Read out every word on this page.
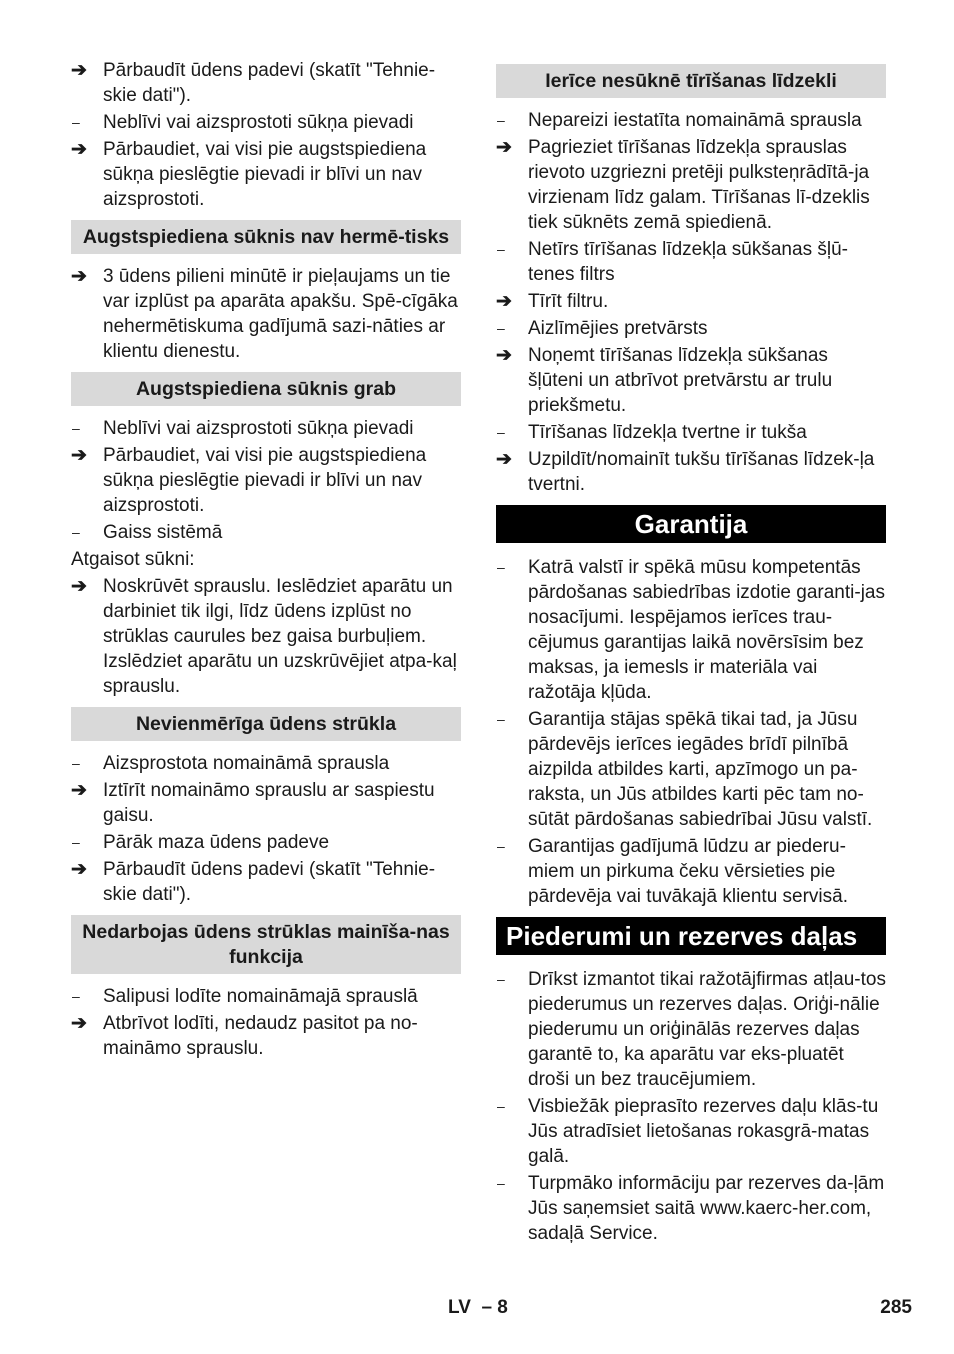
➔ Pārbaudīt ūdens padevi (skatīt "Tehnie-skie dati").
–	Neblīvi vai aizsprostoti sūkņa pievadi
➔ Pārbaudiet, vai visi pie augstspiediena sūkņa pieslēgtie pievadi ir blīvi un nav aizsprostoti.
Augstspiediena sūknis nav hermē-tisks
➔ 3 ūdens pilieni minūtē ir pieļaujams un tie var izplūst pa aparāta apakšu. Spē-cīgāka nehermētiskuma gadījumā sazi-nāties ar klientu dienestu.
Augstspiediena sūknis grab
–	Neblīvi vai aizsprostoti sūkņa pievadi
➔ Pārbaudiet, vai visi pie augstspiediena sūkņa pieslēgtie pievadi ir blīvi un nav aizsprostoti.
–	Gaiss sistēmā
Atgaisot sūkni:
➔ Noskrūvēt sprauslu. Ieslēdziet aparātu un darbiniet tik ilgi, līdz ūdens izplūst no strūklas caurules bez gaisa burbuļiem. Izslēdziet aparātu un uzskrūvējiet atpa-kaļ sprauslu.
Nevienmērīga ūdens strūkla
–	Aizsprostota nomaināmā sprausla
➔ Iztīrīt nomaināmo sprauslu ar saspiestu gaisu.
–	Pārāk maza ūdens padeve
➔ Pārbaudīt ūdens padevi (skatīt "Tehnie-skie dati").
Nedarbojas ūdens strūklas mainīša-nas funkcija
–	Salipusi lodīte nomaināmajā sprauslā
➔ Atbrīvot lodīti, nedaudz pasitot pa no-maināmo sprauslu.
Ierīce nesūknē tīrīšanas līdzekli
–	Nepareizi iestatīta nomaināmā sprausla
➔ Pagrieziet tīrīšanas līdzekļa sprauslas rievoto uzgriezni pretēji pulksteņrādītā-ja virzienam līdz galam. Tīrīšanas lī-dzeklis tiek sūknēts zemā spiedienā.
–	Netīrs tīrīšanas līdzekļa sūkšanas šļū-tenes filtrs
➔ Tīrīt filtru.
–	Aizlīmējies pretvārsts
➔ Noņemt tīrīšanas līdzekļa sūkšanas šļūteni un atbrīvot pretvārstu ar trulu priekšmetu.
–	Tīrīšanas līdzekļa tvertne ir tukša
➔ Uzpildīt/nomainīt tukšu tīrīšanas līdzek-ļa tvertni.
Garantija
–	Katrā valstī ir spēkā mūsu kompetentās pārdošanas sabiedrības izdotie garanti-jas nosacījumi. Iespējamos ierīces trau-cējumus garantijas laikā novērsīsim bez maksas, ja iemesls ir materiāla vai ražotāja kļūda.
–	Garantija stājas spēkā tikai tad, ja Jūsu pārdevējs ierīces iegādes brīdī pilnībā aizpilda atbildes karti, apzīmogo un pa-raksta, un Jūs atbildes karti pēc tam no-sūtāt pārdošanas sabiedrībai Jūsu valstī.
–	Garantijas gadījumā lūdzu ar piederu-miem un pirkuma čeku vērsieties pie pārdevēja vai tuvākajā klientu servisā.
Piederumi un rezerves daļas
–	Drīkst izmantot tikai ražotājfirmas atļau-tos piederumus un rezerves daļas. Oriģi-nālie piederumu un oriģinālās rezerves daļas garantē to, ka aparātu var eks-pluatēt droši un bez traucējumiem.
–	Visbiežāk pieprasīto rezerves daļu klās-tu Jūs atradīsiet lietošanas rokasgrā-matas galā.
–	Turpmāko informāciju par rezerves da-ļām Jūs saņemsiet saitā www.kaerc-her.com, sadaļā Service.
LV – 8	285
